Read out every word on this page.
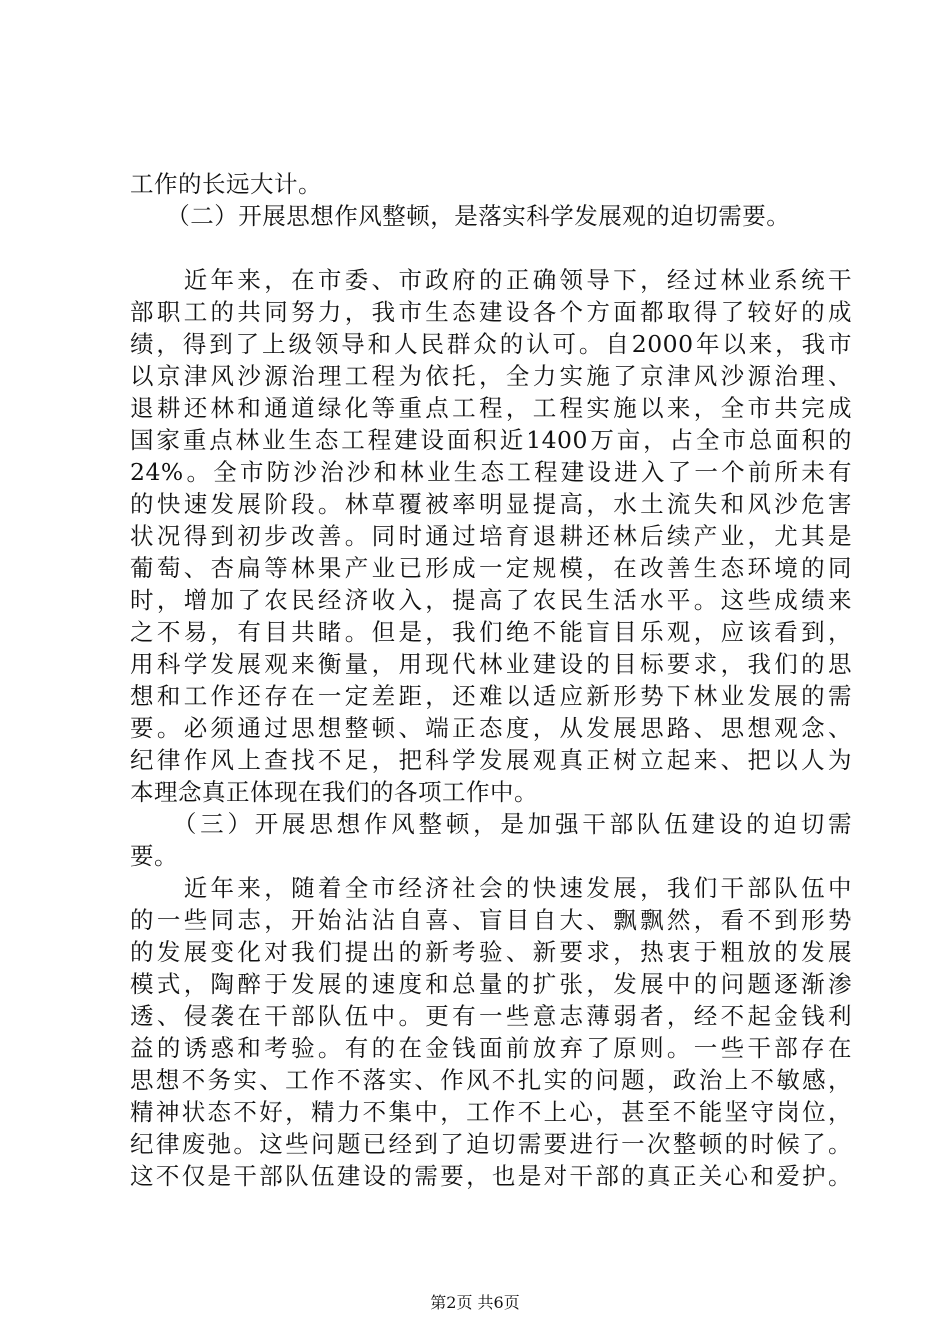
工作的长远大计。
　　（二）开展思想作风整顿，是落实科学发展观的迫切需要。
　　近年来，在市委、市政府的正确领导下，经过林业系统干
部职工的共同努力，我市生态建设各个方面都取得了较好的成
绩，得到了上级领导和人民群众的认可。自2000年以来，我市
以京津风沙源治理工程为依托，全力实施了京津风沙源治理、
退耕还林和通道绿化等重点工程，工程实施以来，全市共完成
国家重点林业生态工程建设面积近1400万亩，占全市总面积的
24%。全市防沙治沙和林业生态工程建设进入了一个前所未有
的快速发展阶段。林草覆被率明显提高，水土流失和风沙危害
状况得到初步改善。同时通过培育退耕还林后续产业，尤其是
葡萄、杏扁等林果产业已形成一定规模，在改善生态环境的同
时，增加了农民经济收入，提高了农民生活水平。这些成绩来
之不易，有目共睹。但是，我们绝不能盲目乐观，应该看到，
用科学发展观来衡量，用现代林业建设的目标要求，我们的思
想和工作还存在一定差距，还难以适应新形势下林业发展的需
要。必须通过思想整顿、端正态度，从发展思路、思想观念、
纪律作风上查找不足，把科学发展观真正树立起来、把以人为
本理念真正体现在我们的各项工作中。
　　（三）开展思想作风整顿，是加强干部队伍建设的迫切需
要。
　　近年来，随着全市经济社会的快速发展，我们干部队伍中
的一些同志，开始沾沾自喜、盲目自大、飘飘然，看不到形势
的发展变化对我们提出的新考验、新要求，热衷于粗放的发展
模式，陶醉于发展的速度和总量的扩张，发展中的问题逐渐渗
透、侵袭在干部队伍中。更有一些意志薄弱者，经不起金钱利
益的诱惑和考验。有的在金钱面前放弃了原则。一些干部存在
思想不务实、工作不落实、作风不扎实的问题，政治上不敏感，
精神状态不好，精力不集中，工作不上心，甚至不能坚守岗位，
纪律废弛。这些问题已经到了迫切需要进行一次整顿的时候了。
这不仅是干部队伍建设的需要，也是对干部的真正关心和爱护。
第2页 共6页
